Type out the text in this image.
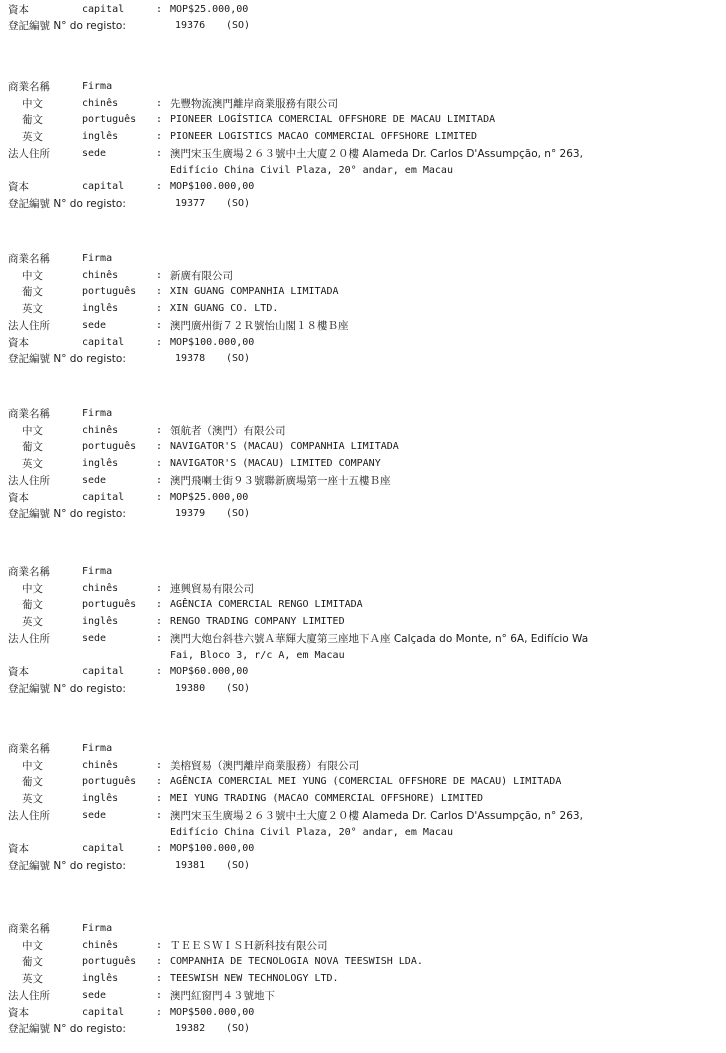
資本	capital	: MOP$25.000,00
登記編號 N° do registo:	19376 (SO)
商業名稱	Firma
中文	chinês	: 先豐物流澳門離岸商業服務有限公司
葡文	português : PIONEER LOGÍSTICA COMERCIAL OFFSHORE DE MACAU LIMITADA
英文	inglês	: PIONEER LOGISTICS MACAO COMMERCIAL OFFSHORE LIMITED
法人住所	sede	: 澳門宋玉生廣場２６３號中土大廈２０樓 Alameda Dr. Carlos D'Assumpção, n° 263,
Edifício China Civil Plaza, 20° andar, em Macau
資本	capital	: MOP$100.000,00
登記編號 N° do registo:	19377 (SO)
商業名稱	Firma
中文	chinês	: 新廣有限公司
葡文	português : XIN GUANG COMPANHIA LIMITADA
英文	inglês	: XIN GUANG CO. LTD.
法人住所	sede	: 澳門廣州街７２Ｒ號怡山閣１８樓Ｂ座
資本	capital	: MOP$100.000,00
登記編號 N° do registo:	19378 (SO)
商業名稱	Firma
中文	chinês	: 領航者（澳門）有限公司
葡文	português : NAVIGATOR'S (MACAU) COMPANHIA LIMITADA
英文	inglês	: NAVIGATOR'S (MACAU) LIMITED COMPANY
法人住所	sede	: 澳門飛喇士街９３號聯新廣場第一座十五樓Ｂ座
資本	capital	: MOP$25.000,00
登記編號 N° do registo:	19379 (SO)
商業名稱	Firma
中文	chinês	: 連興貿易有限公司
葡文	português : AGÊNCIA COMERCIAL RENGO LIMITADA
英文	inglês	: RENGO TRADING COMPANY LIMITED
法人住所	sede	: 澳門大炮台斜巷六號Ａ華輝大廈第三座地下Ａ座 Calçada do Monte, n° 6A, Edifício Wa
Fai, Bloco 3, r/c A, em Macau
資本	capital	: MOP$60.000,00
登記編號 N° do registo:	19380 (SO)
商業名稱	Firma
中文	chinês	: 美榕貿易（澳門離岸商業服務）有限公司
葡文	português : AGÊNCIA COMERCIAL MEI YUNG (COMERCIAL OFFSHORE DE MACAU) LIMITADA
英文	inglês	: MEI YUNG TRADING (MACAO COMMERCIAL OFFSHORE) LIMITED
法人住所	sede	: 澳門宋玉生廣場２６３號中土大廈２０樓 Alameda Dr. Carlos D'Assumpção, n° 263,
Edifício China Civil Plaza, 20° andar, em Macau
資本	capital	: MOP$100.000,00
登記編號 N° do registo:	19381 (SO)
商業名稱	Firma
中文	chinês	: ＴＥＥＳＷＩＳＨ新科技有限公司
葡文	português : COMPANHIA DE TECNOLOGIA NOVA TEESWISH LDA.
英文	inglês	: TEESWISH NEW TECHNOLOGY LTD.
法人住所	sede	: 澳門紅窗門４３號地下
資本	capital	: MOP$500.000,00
登記編號 N° do registo:	19382 (SO)
